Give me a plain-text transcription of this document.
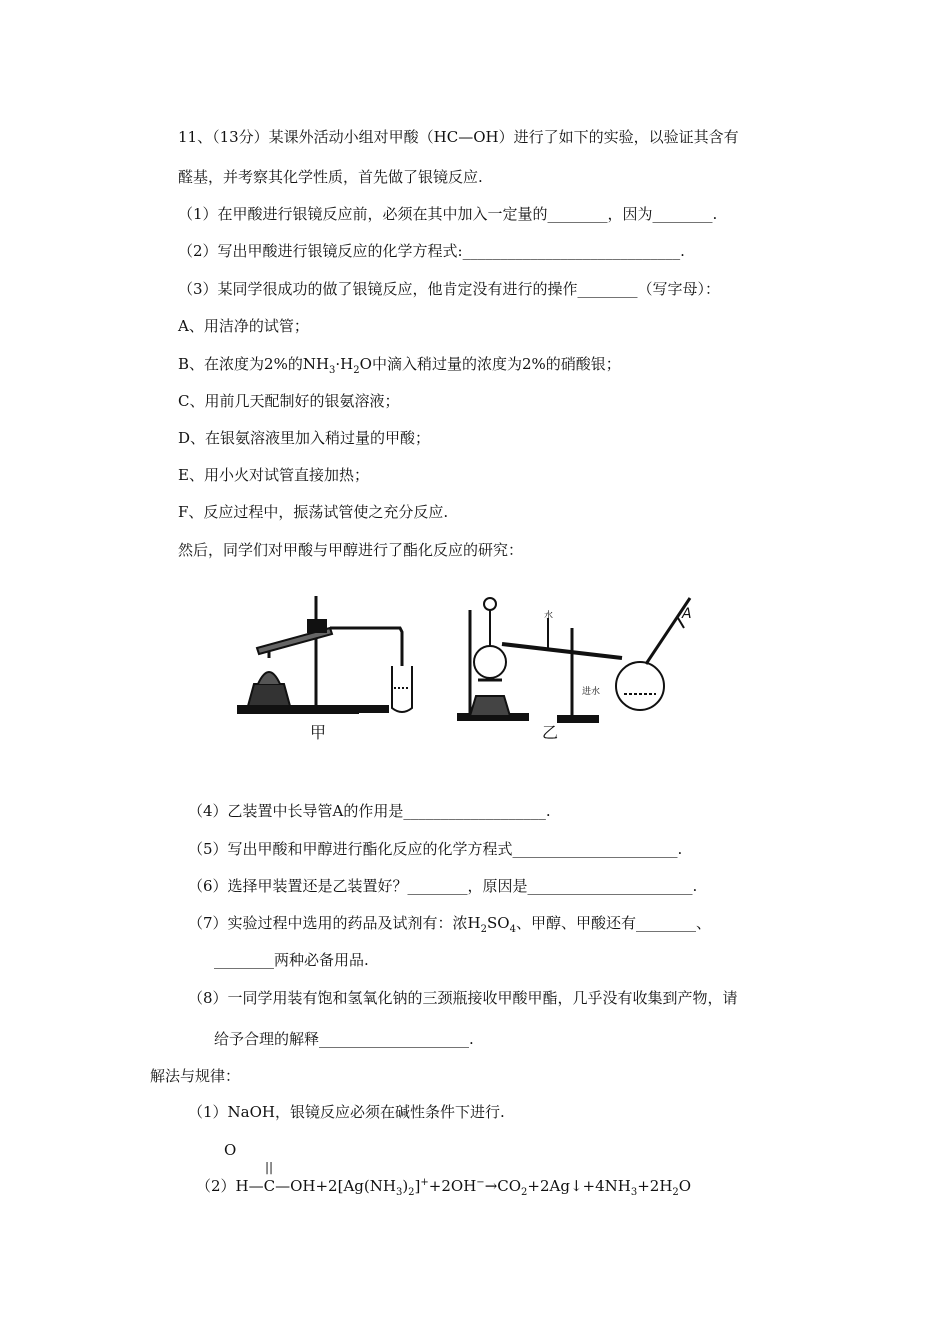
11、（13分）某课外活动小组对甲酸（HC—OH）进行了如下的实验，以验证其含有
醛基，并考察其化学性质，首先做了银镜反应.
（1）在甲酸进行银镜反应前，必须在其中加入一定量的________，因为________.
（2）写出甲酸进行银镜反应的化学方程式:_____________________________.
（3）某同学很成功的做了银镜反应，他肯定没有进行的操作________（写字母）：
A、用洁净的试管；
B、在浓度为2%的$NH_3\cdot H_2O$中滴入稍过量的浓度为2%的硝酸银；
C、用前几天配制好的银氨溶液；
D、在银氨溶液里加入稍过量的甲酸；
E、用小火对试管直接加热；
F、反应过程中，振荡试管使之充分反应.
然后，同学们对甲酸与甲醇进行了酯化反应的研究：
甲	乙
A
水
进水
（4）乙装置中长导管A的作用是___________________.
（5）写出甲酸和甲醇进行酯化反应的化学方程式______________________.
（6）选择甲装置还是乙装置好？________，原因是______________________.
（7）实验过程中选用的药品及试剂有：浓$H_2SO_4$、甲醇、甲酸还有________、
________两种必备用品.
（8）一同学用装有饱和氢氧化钠的三颈瓶接收甲酸甲酯，几乎没有收集到产物，请
给予合理的解释____________________.
解法与规律：
（1）NaOH，银镜反应必须在碱性条件下进行.
O
||
$(2)H—C—OH+2[Ag(NH_3)_2]^++2OH^-\to CO_2+2Ag↓+4NH_3+2H_2O$
